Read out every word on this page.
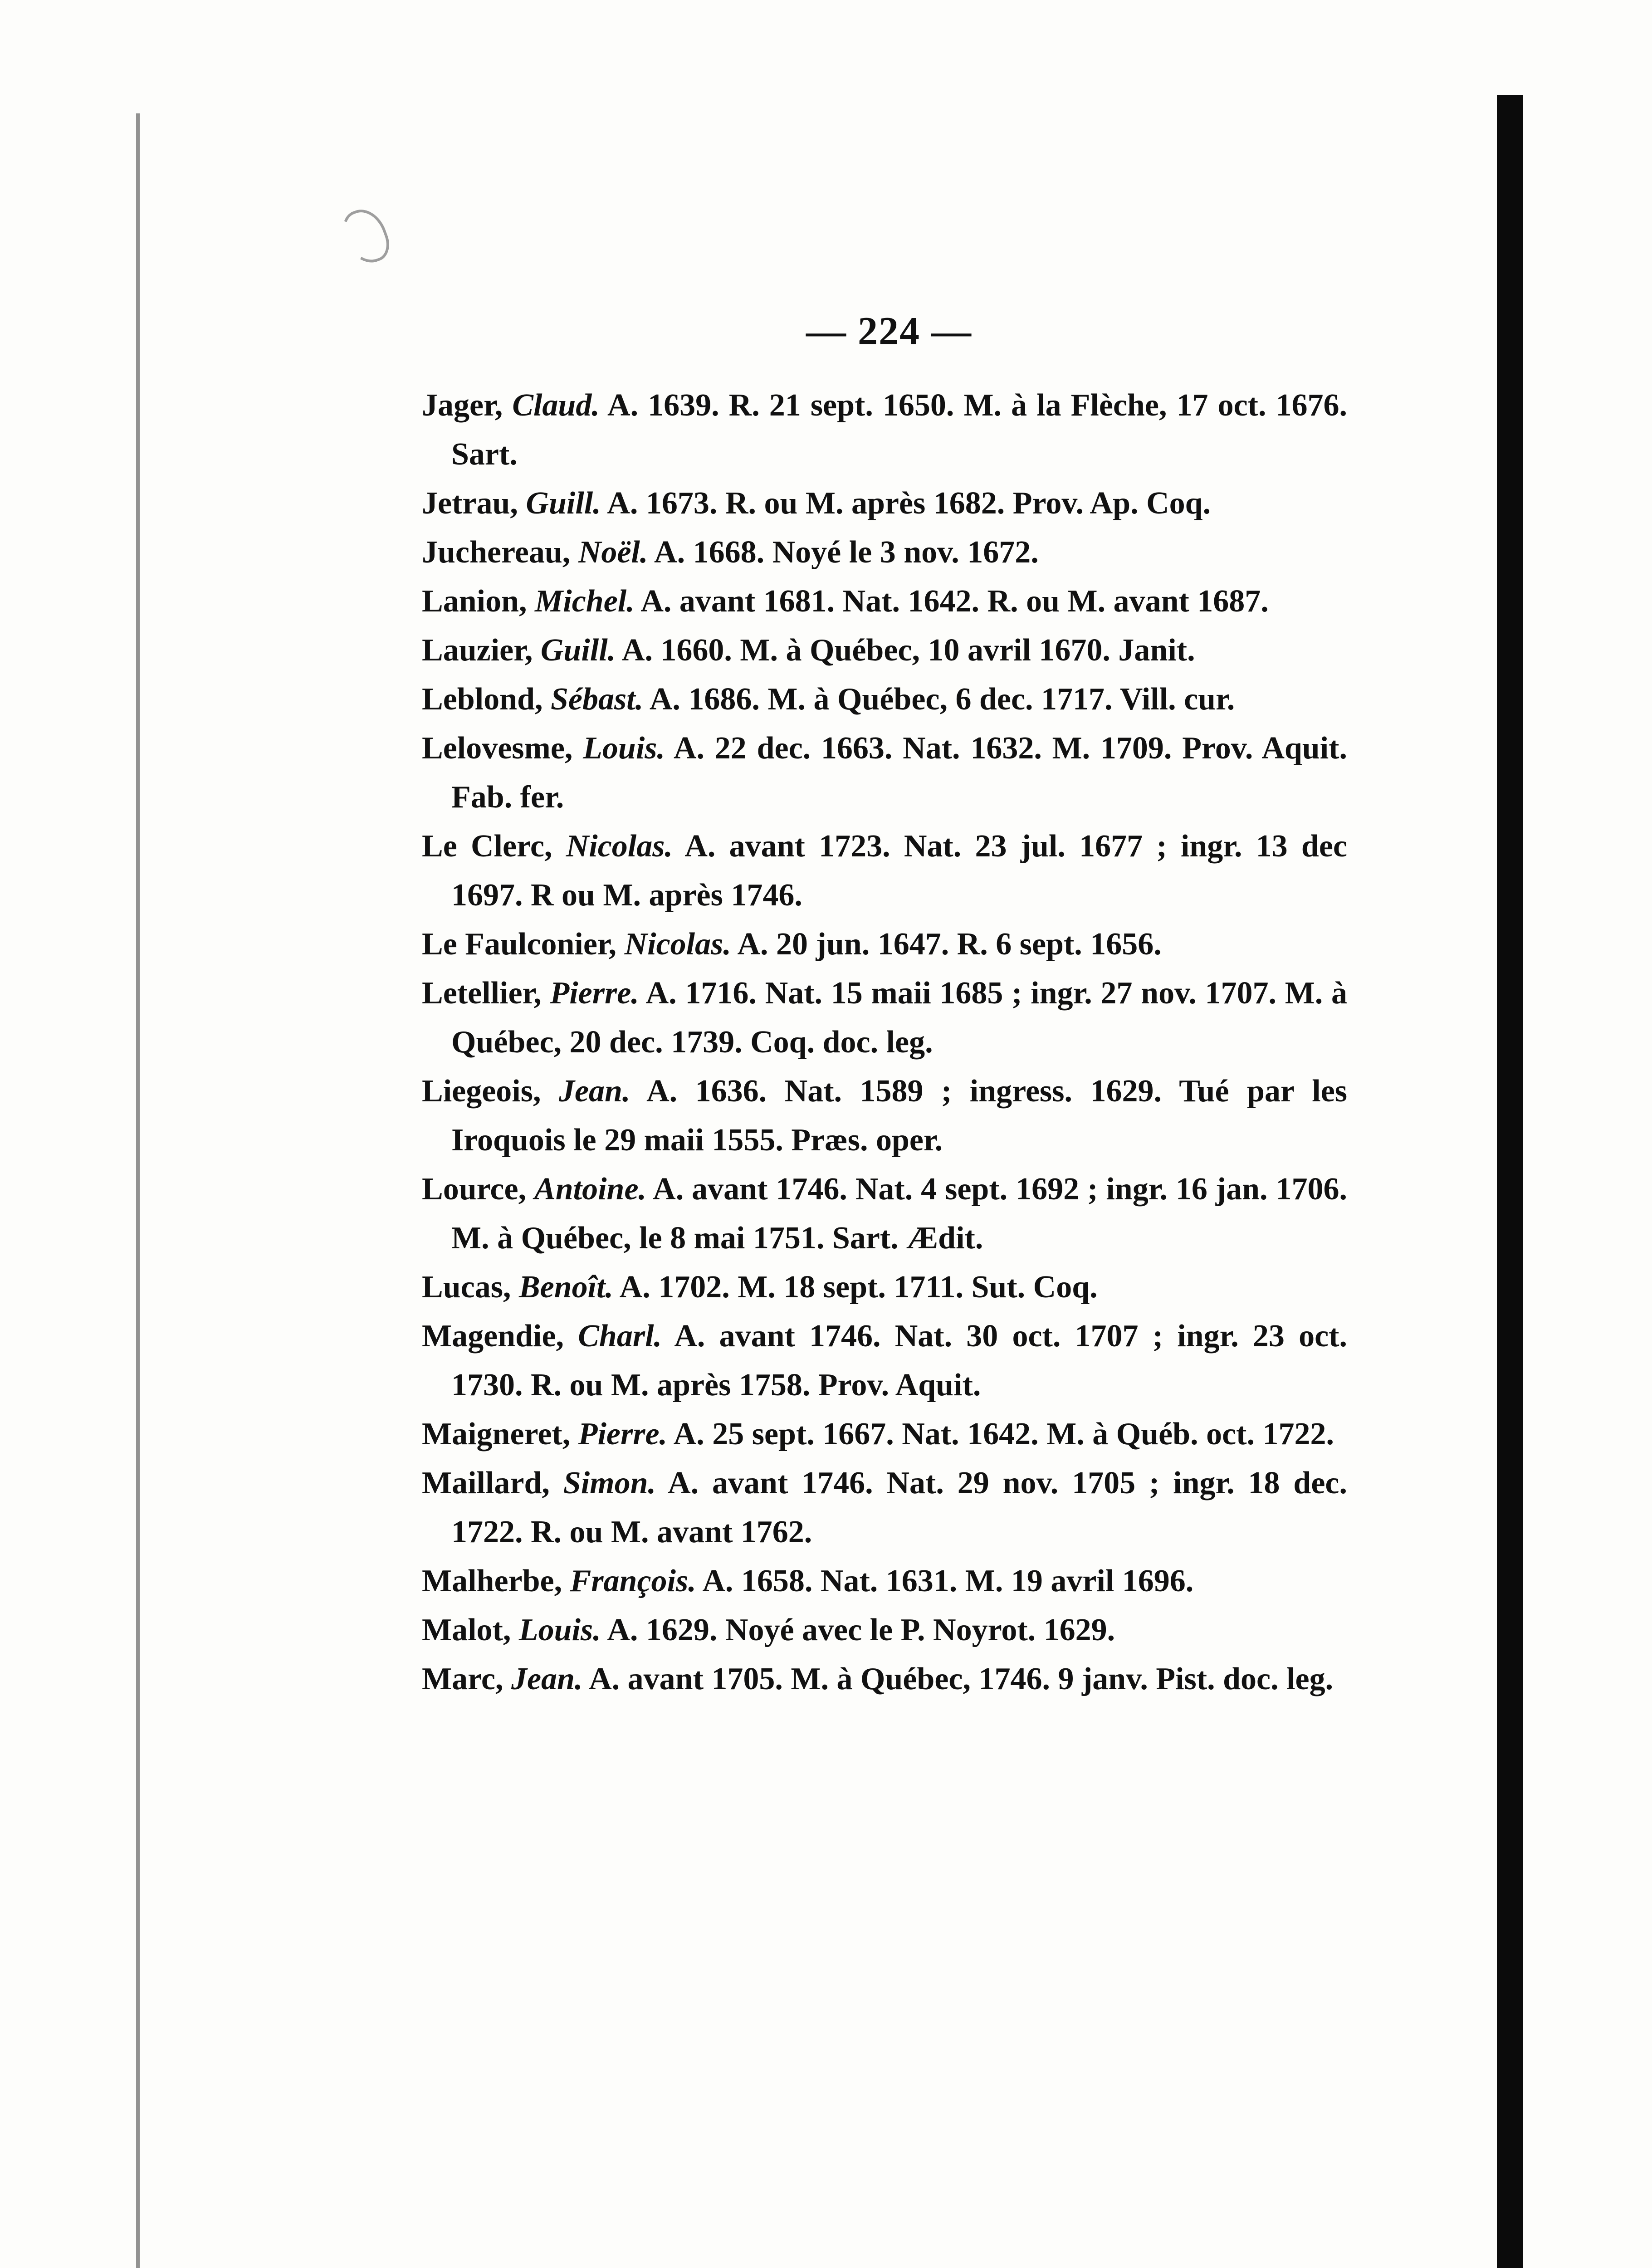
— 224 —

Jager, Claud. A. 1639. R. 21 sept. 1650. M. à la Flèche, 17 oct. 1676. Sart.

Jetrau, Guill. A. 1673. R. ou M. après 1682. Prov. Ap. Coq.

Juchereau, Noël. A. 1668. Noyé le 3 nov. 1672.

Lanion, Michel. A. avant 1681. Nat. 1642. R. ou M. avant 1687.

Lauzier, Guill. A. 1660. M. à Québec, 10 avril 1670. Janit.

Leblond, Sébast. A. 1686. M. à Québec, 6 dec. 1717. Vill. cur.

Lelovesme, Louis. A. 22 dec. 1663. Nat. 1632. M. 1709. Prov. Aquit. Fab. fer.

Le Clerc, Nicolas. A. avant 1723. Nat. 23 jul. 1677 ; ingr. 13 dec 1697. R ou M. après 1746.

Le Faulconier, Nicolas. A. 20 jun. 1647. R. 6 sept. 1656.

Letellier, Pierre. A. 1716. Nat. 15 maii 1685 ; ingr. 27 nov. 1707. M. à Québec, 20 dec. 1739. Coq. doc. leg.

Liegeois, Jean. A. 1636. Nat. 1589 ; ingress. 1629. Tué par les Iroquois le 29 maii 1555. Præs. oper.

Lource, Antoine. A. avant 1746. Nat. 4 sept. 1692 ; ingr. 16 jan. 1706. M. à Québec, le 8 mai 1751. Sart. Ædit.

Lucas, Benoît. A. 1702. M. 18 sept. 1711. Sut. Coq.

Magendie, Charl. A. avant 1746. Nat. 30 oct. 1707 ; ingr. 23 oct. 1730. R. ou M. après 1758. Prov. Aquit.

Maigneret, Pierre. A. 25 sept. 1667. Nat. 1642. M. à Québ. oct. 1722.

Maillard, Simon. A. avant 1746. Nat. 29 nov. 1705 ; ingr. 18 dec. 1722. R. ou M. avant 1762.

Malherbe, François. A. 1658. Nat. 1631. M. 19 avril 1696.

Malot, Louis. A. 1629. Noyé avec le P. Noyrot. 1629.

Marc, Jean. A. avant 1705. M. à Québec, 1746. 9 janv. Pist. doc. leg.
